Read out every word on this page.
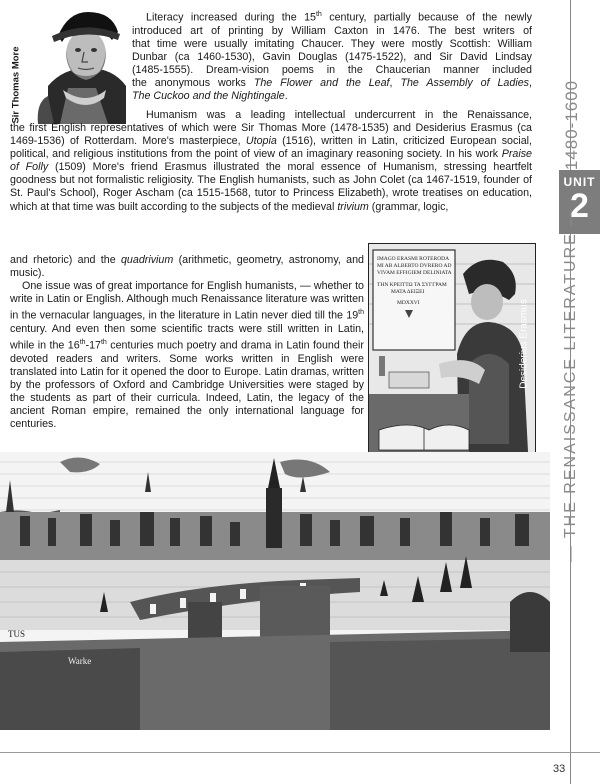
Sir Thomas More
Literacy increased during the 15th century, partially because of the newly
introduced art of printing by William Caxton in 1476. The best writers of
that time were usually imitating Chaucer. They were mostly Scottish: William
Dunbar (ca 1460-1530), Gavin Douglas (1475-1522), and Sir David Lindsay
(1485-1555). Dream-vision poems in the Chaucerian manner included
the anonymous works The Flower and the Leaf, The Assembly of Ladies,
The Cuckoo and the Nightingale.
Humanism was a leading intellectual undercurrent in the Renaissance,
the first English representatives of which were Sir Thomas More (1478-1535) and Desiderius Erasmus (ca 1469-1536) of Rotterdam. More's masterpiece, Utopia (1516), written in Latin, criticized European social, political, and religious institutions from the point of view of an imaginary reasoning society. In his work Praise of Folly (1509) More's friend Erasmus illustrated the moral essence of Humanism, stressing heartfelt goodness but not formalistic religiosity. The English humanists, such as John Colet (ca 1467-1519, founder of St. Paul's School), Roger Ascham (ca 1515-1568, tutor to Princess Elizabeth), wrote treatises on education, which at that time was built according to the subjects of the medieval trivium (grammar, logic,
and rhetoric) and the quadrivium (arithmetic, geometry, astronomy, and music).
One issue was of great importance for English humanists, — whether to write in Latin or English. Although much Renaissance literature was written in the vernacular languages, in the literature in Latin never died till the 19th century. And even then some scientific tracts were still written in Latin, while in the 16th-17th centuries much poetry and drama in Latin found their devoted readers and writers. Some works written in English were translated into Latin for it opened the door to Europe. Latin dramas, written by the professors of Oxford and Cambridge Universities were staged by the students as part of their curricula. Indeed, Latin, the legacy of the ancient Roman empire, remained the only international language for centuries.
IMAGO ERASMI ROTERODA
MI AB ALBERTO DVRERO AD
VIVAM EFFIGIEM DELINIATA
ΤΗΝ ΚΡΕΙΤΤΩ ΤΑ ΣΥΓΓΡΑΜ
ΜΑΤΑ ΔΕΙΞΕΙ
MDXXVI	Desiderius Erasmus
TUS
Warke
1480-1600
UNIT
2
— THE RENAISSANCE LITERATURE —
33
